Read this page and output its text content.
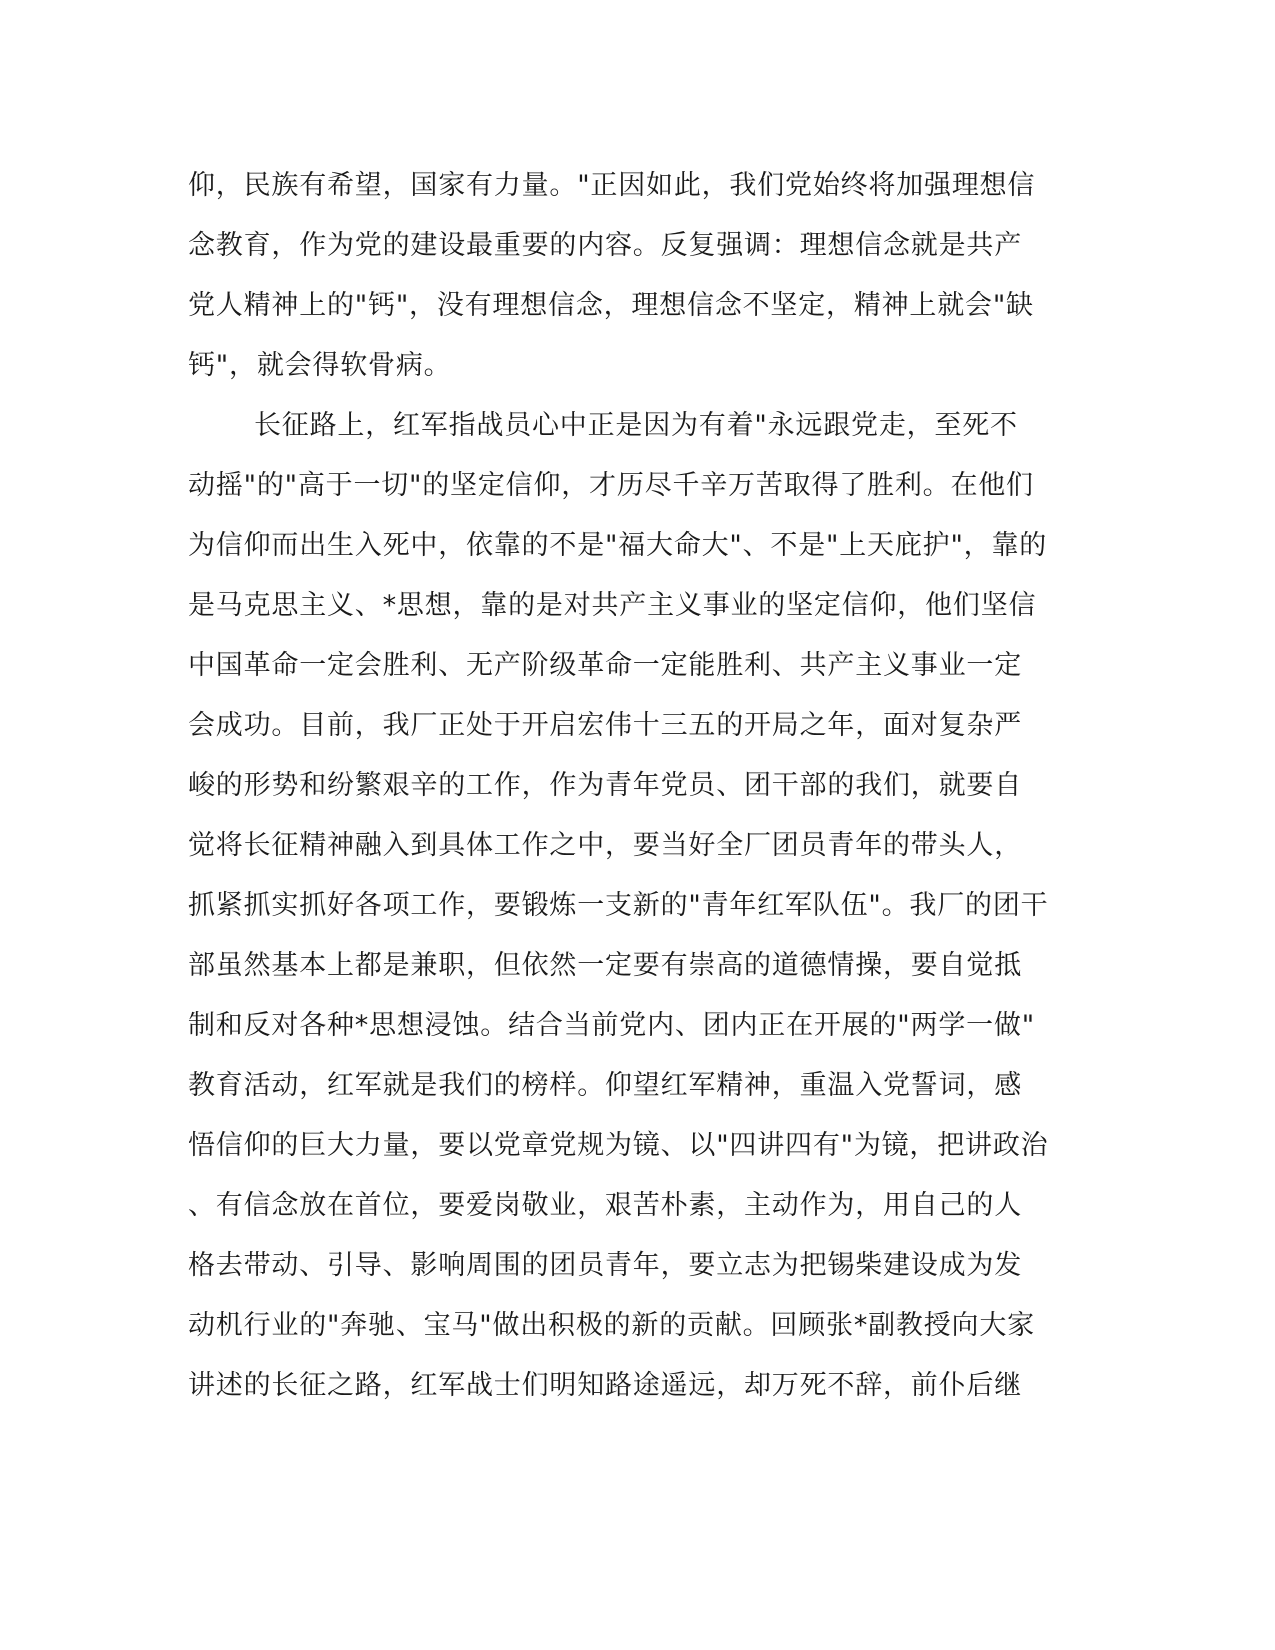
仰，民族有希望，国家有力量。"正因如此，我们党始终将加强理想信
念教育，作为党的建设最重要的内容。反复强调：理想信念就是共产
党人精神上的"钙"，没有理想信念，理想信念不坚定，精神上就会"缺
钙"，就会得软骨病。
长征路上，红军指战员心中正是因为有着"永远跟党走，至死不
动摇"的"高于一切"的坚定信仰，才历尽千辛万苦取得了胜利。在他们
为信仰而出生入死中，依靠的不是"福大命大"、不是"上天庇护"，靠的
是马克思主义、*思想，靠的是对共产主义事业的坚定信仰，他们坚信
中国革命一定会胜利、无产阶级革命一定能胜利、共产主义事业一定
会成功。目前，我厂正处于开启宏伟十三五的开局之年，面对复杂严
峻的形势和纷繁艰辛的工作，作为青年党员、团干部的我们，就要自
觉将长征精神融入到具体工作之中，要当好全厂团员青年的带头人，
抓紧抓实抓好各项工作，要锻炼一支新的"青年红军队伍"。我厂的团干
部虽然基本上都是兼职，但依然一定要有崇高的道德情操，要自觉抵
制和反对各种*思想浸蚀。结合当前党内、团内正在开展的"两学一做"
教育活动，红军就是我们的榜样。仰望红军精神，重温入党誓词，感
悟信仰的巨大力量，要以党章党规为镜、以"四讲四有"为镜，把讲政治
、有信念放在首位，要爱岗敬业，艰苦朴素，主动作为，用自己的人
格去带动、引导、影响周围的团员青年，要立志为把锡柴建设成为发
动机行业的"奔驰、宝马"做出积极的新的贡献。回顾张*副教授向大家
讲述的长征之路，红军战士们明知路途遥远，却万死不辞，前仆后继
